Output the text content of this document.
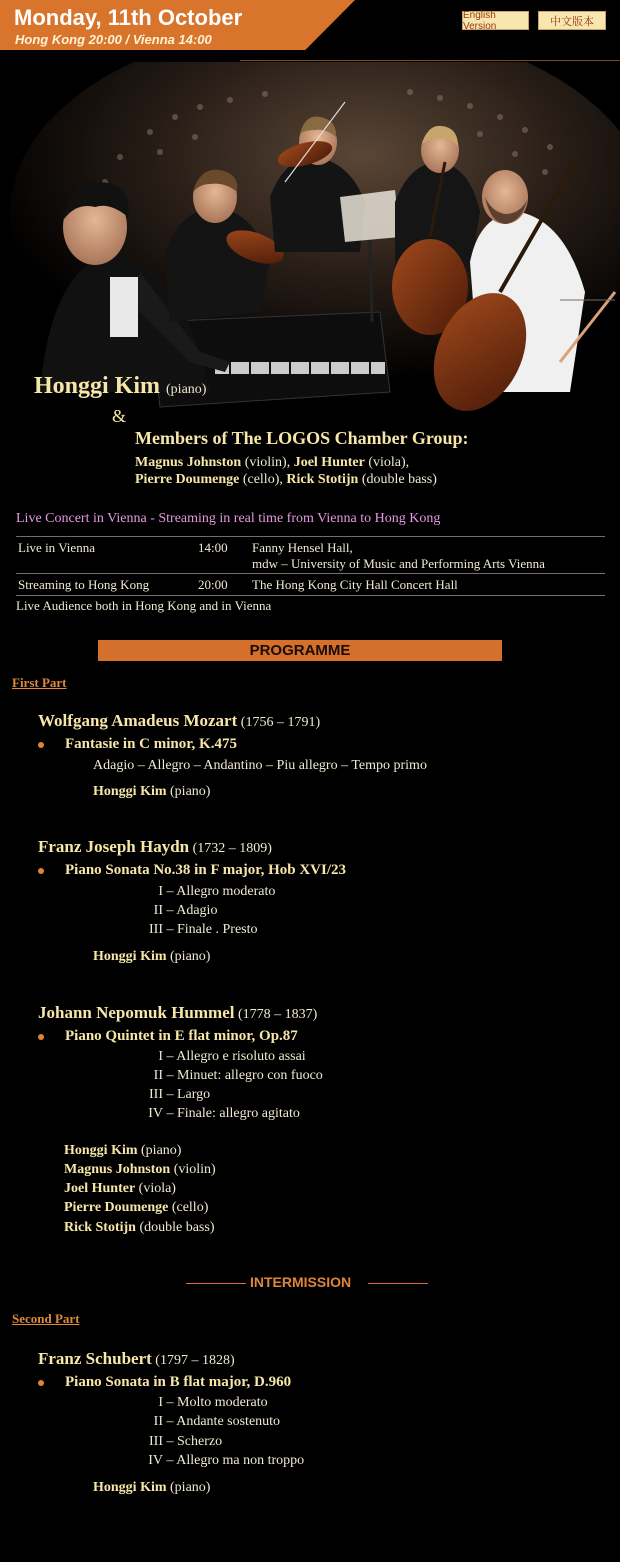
Monday, 11th October
Hong Kong 20:00 / Vienna 14:00
English Version	中文版本
Honggi Kim (piano)
&
Members of The LOGOS Chamber Group:
Magnus Johnston (violin), Joel Hunter (viola),
Pierre Doumenge (cello), Rick Stotijn (double bass)
Live Concert in Vienna - Streaming in real time from Vienna to Hong Kong
Live in Vienna	14:00 Fanny Hensel Hall,
mdw – University of Music and Performing Arts Vienna
Streaming to Hong Kong	20:00 The Hong Kong City Hall Concert Hall
Live Audience both in Hong Kong and in Vienna
PROGRAMME
First Part
Wolfgang Amadeus Mozart (1756 – 1791)
Fantasie in C minor, K.475
Adagio – Allegro – Andantino – Piu allegro – Tempo primo
Honggi Kim (piano)
Franz Joseph Haydn (1732 – 1809)
Piano Sonata No.38 in F major, Hob XVI/23
I – Allegro moderato
II – Adagio
III – Finale . Presto
Honggi Kim (piano)
Johann Nepomuk Hummel (1778 – 1837)
Piano Quintet in E flat minor, Op.87
I – Allegro e risoluto assai
II – Minuet: allegro con fuoco
III – Largo
IV – Finale: allegro agitato
Honggi Kim (piano)
Magnus Johnston (violin)
Joel Hunter (viola)
Pierre Doumenge (cello)
Rick Stotijn (double bass)
INTERMISSION
Second Part
Franz Schubert (1797 – 1828)
Piano Sonata in B flat major, D.960
I – Molto moderato
II – Andante sostenuto
III – Scherzo
IV – Allegro ma non troppo
Honggi Kim (piano)
